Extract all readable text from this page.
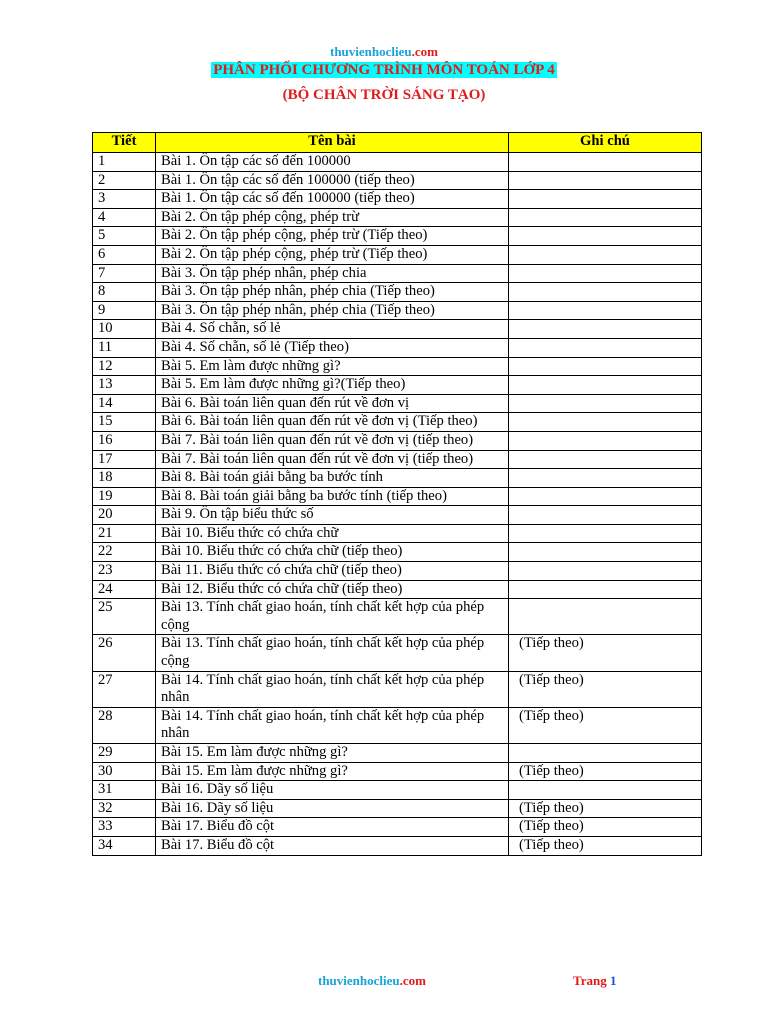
thuvienhoclieu.com
PHÂN PHỐI CHƯƠNG TRÌNH MÔN TOÁN LỚP 4
(BỘ CHÂN TRỜI SÁNG TẠO)
Tiết	Tên bài	Ghi chú
1	Bài 1. Ôn tập các số đến 100000	
2	Bài 1. Ôn tập các số đến 100000 (tiếp theo)	
3	Bài 1. Ôn tập các số đến 100000 (tiếp theo)	
4	Bài 2. Ôn tập phép cộng, phép trừ	
5	Bài 2. Ôn tập phép cộng, phép trừ (Tiếp theo)	
6	Bài 2. Ôn tập phép cộng, phép trừ (Tiếp theo)	
7	Bài 3. Ôn tập phép nhân, phép chia	
8	Bài 3. Ôn tập phép nhân, phép chia (Tiếp theo)	
9	Bài 3. Ôn tập phép nhân, phép chia (Tiếp theo)	
10	Bài 4. Số chẵn, số lẻ	
11	Bài 4. Số chẵn, số lẻ (Tiếp theo)	
12	Bài 5. Em làm được những gì?	
13	Bài 5. Em làm được những gì?(Tiếp theo)	
14	Bài 6. Bài toán liên quan đến rút về đơn vị	
15	Bài 6. Bài toán liên quan đến rút về đơn vị (Tiếp theo)	
16	Bài 7. Bài toán liên quan đến rút về đơn vị (tiếp theo)	
17	Bài 7. Bài toán liên quan đến rút về đơn vị (tiếp theo)	
18	Bài 8. Bài toán giải bằng ba bước tính	
19	Bài 8. Bài toán giải bằng ba bước tính (tiếp theo)	
20	Bài 9. Ôn tập biểu thức số	
21	Bài 10. Biểu thức có chứa chữ	
22	Bài 10. Biểu thức có chứa chữ (tiếp theo)	
23	Bài 11. Biểu thức có chứa chữ (tiếp theo)	
24	Bài 12. Biểu thức có chứa chữ (tiếp theo)	
25	Bài 13. Tính chất giao hoán, tính chất kết hợp của phép cộng	
26	Bài 13. Tính chất giao hoán, tính chất kết hợp của phép cộng	(Tiếp theo)
27	Bài 14. Tính chất giao hoán, tính chất kết hợp của phép nhân	(Tiếp theo)
28	Bài 14. Tính chất giao hoán, tính chất kết hợp của phép nhân	(Tiếp theo)
29	Bài 15. Em làm được những gì?	
30	Bài 15. Em làm được những gì?	(Tiếp theo)
31	Bài 16. Dãy số liệu	
32	Bài 16. Dãy số liệu	(Tiếp theo)
33	Bài 17. Biểu đồ cột	(Tiếp theo)
34	Bài 17. Biểu đồ cột	(Tiếp theo)
thuvienhoclieu.com	Trang 1
